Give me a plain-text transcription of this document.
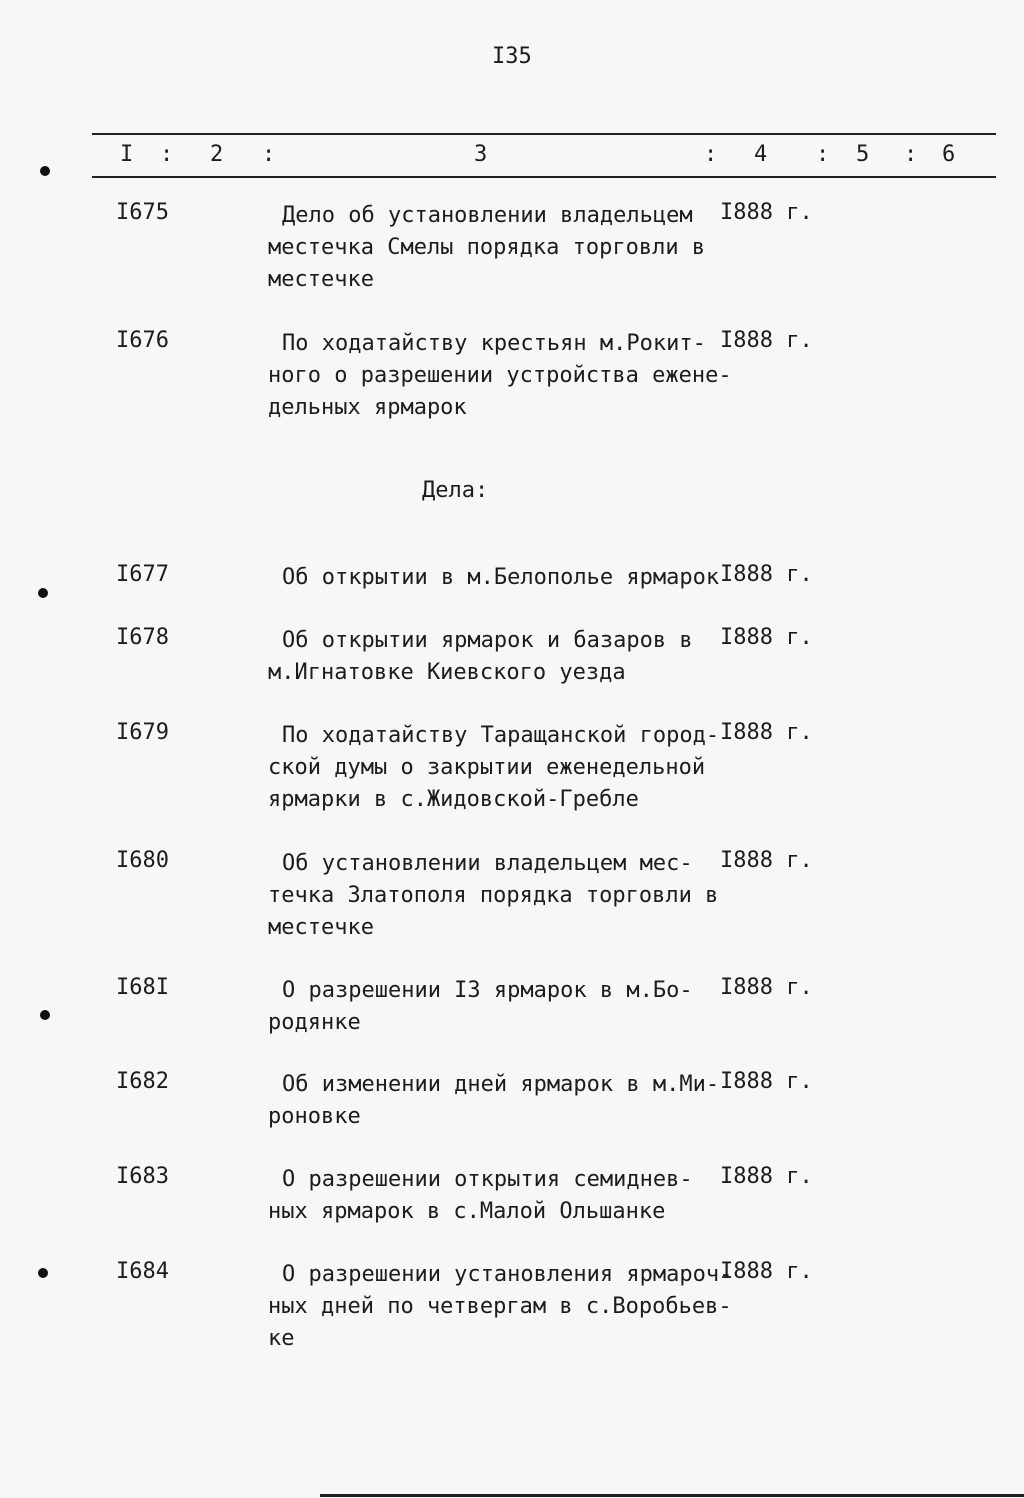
I35
I : 2 :	3	: 4 : 5 : 6
I675	Дело об установлении владельцем
местечка Смелы порядка торговли в
местечке
I888 г.
I676	По ходатайству крестьян м.Рокит-
ного о разрешении устройства еженe-
дельных ярмарок
I888 г.
Дела:
I677	Об открытии в м.Белополье ярмарок I888 г.
I678	Об открытии ярмарок и базаров в
м.Игнатовке Киевского уезда
I888 г.
I679	По ходатайству Таращанской город-
ской думы о закрытии еженедельной
ярмарки в с.Жидовской-Гребле
I888 г.
I680	Об установлении владельцем мес-
течка Златополя порядка торговли в
местечке
I888 г.
I68I	О разрешении I3 ярмарок в м.Бо-
родянке
I888 г.
I682	Об изменении дней ярмарок в м.Ми-
роновке
I888 г.
I683	О разрешении открытия семиднев-
ных ярмарок в с.Малой Ольшанке
I888 г.
I684	О разрешении установления ярмароч-
ных дней по четвергам в с.Воробьев-
ке
I888 г.
